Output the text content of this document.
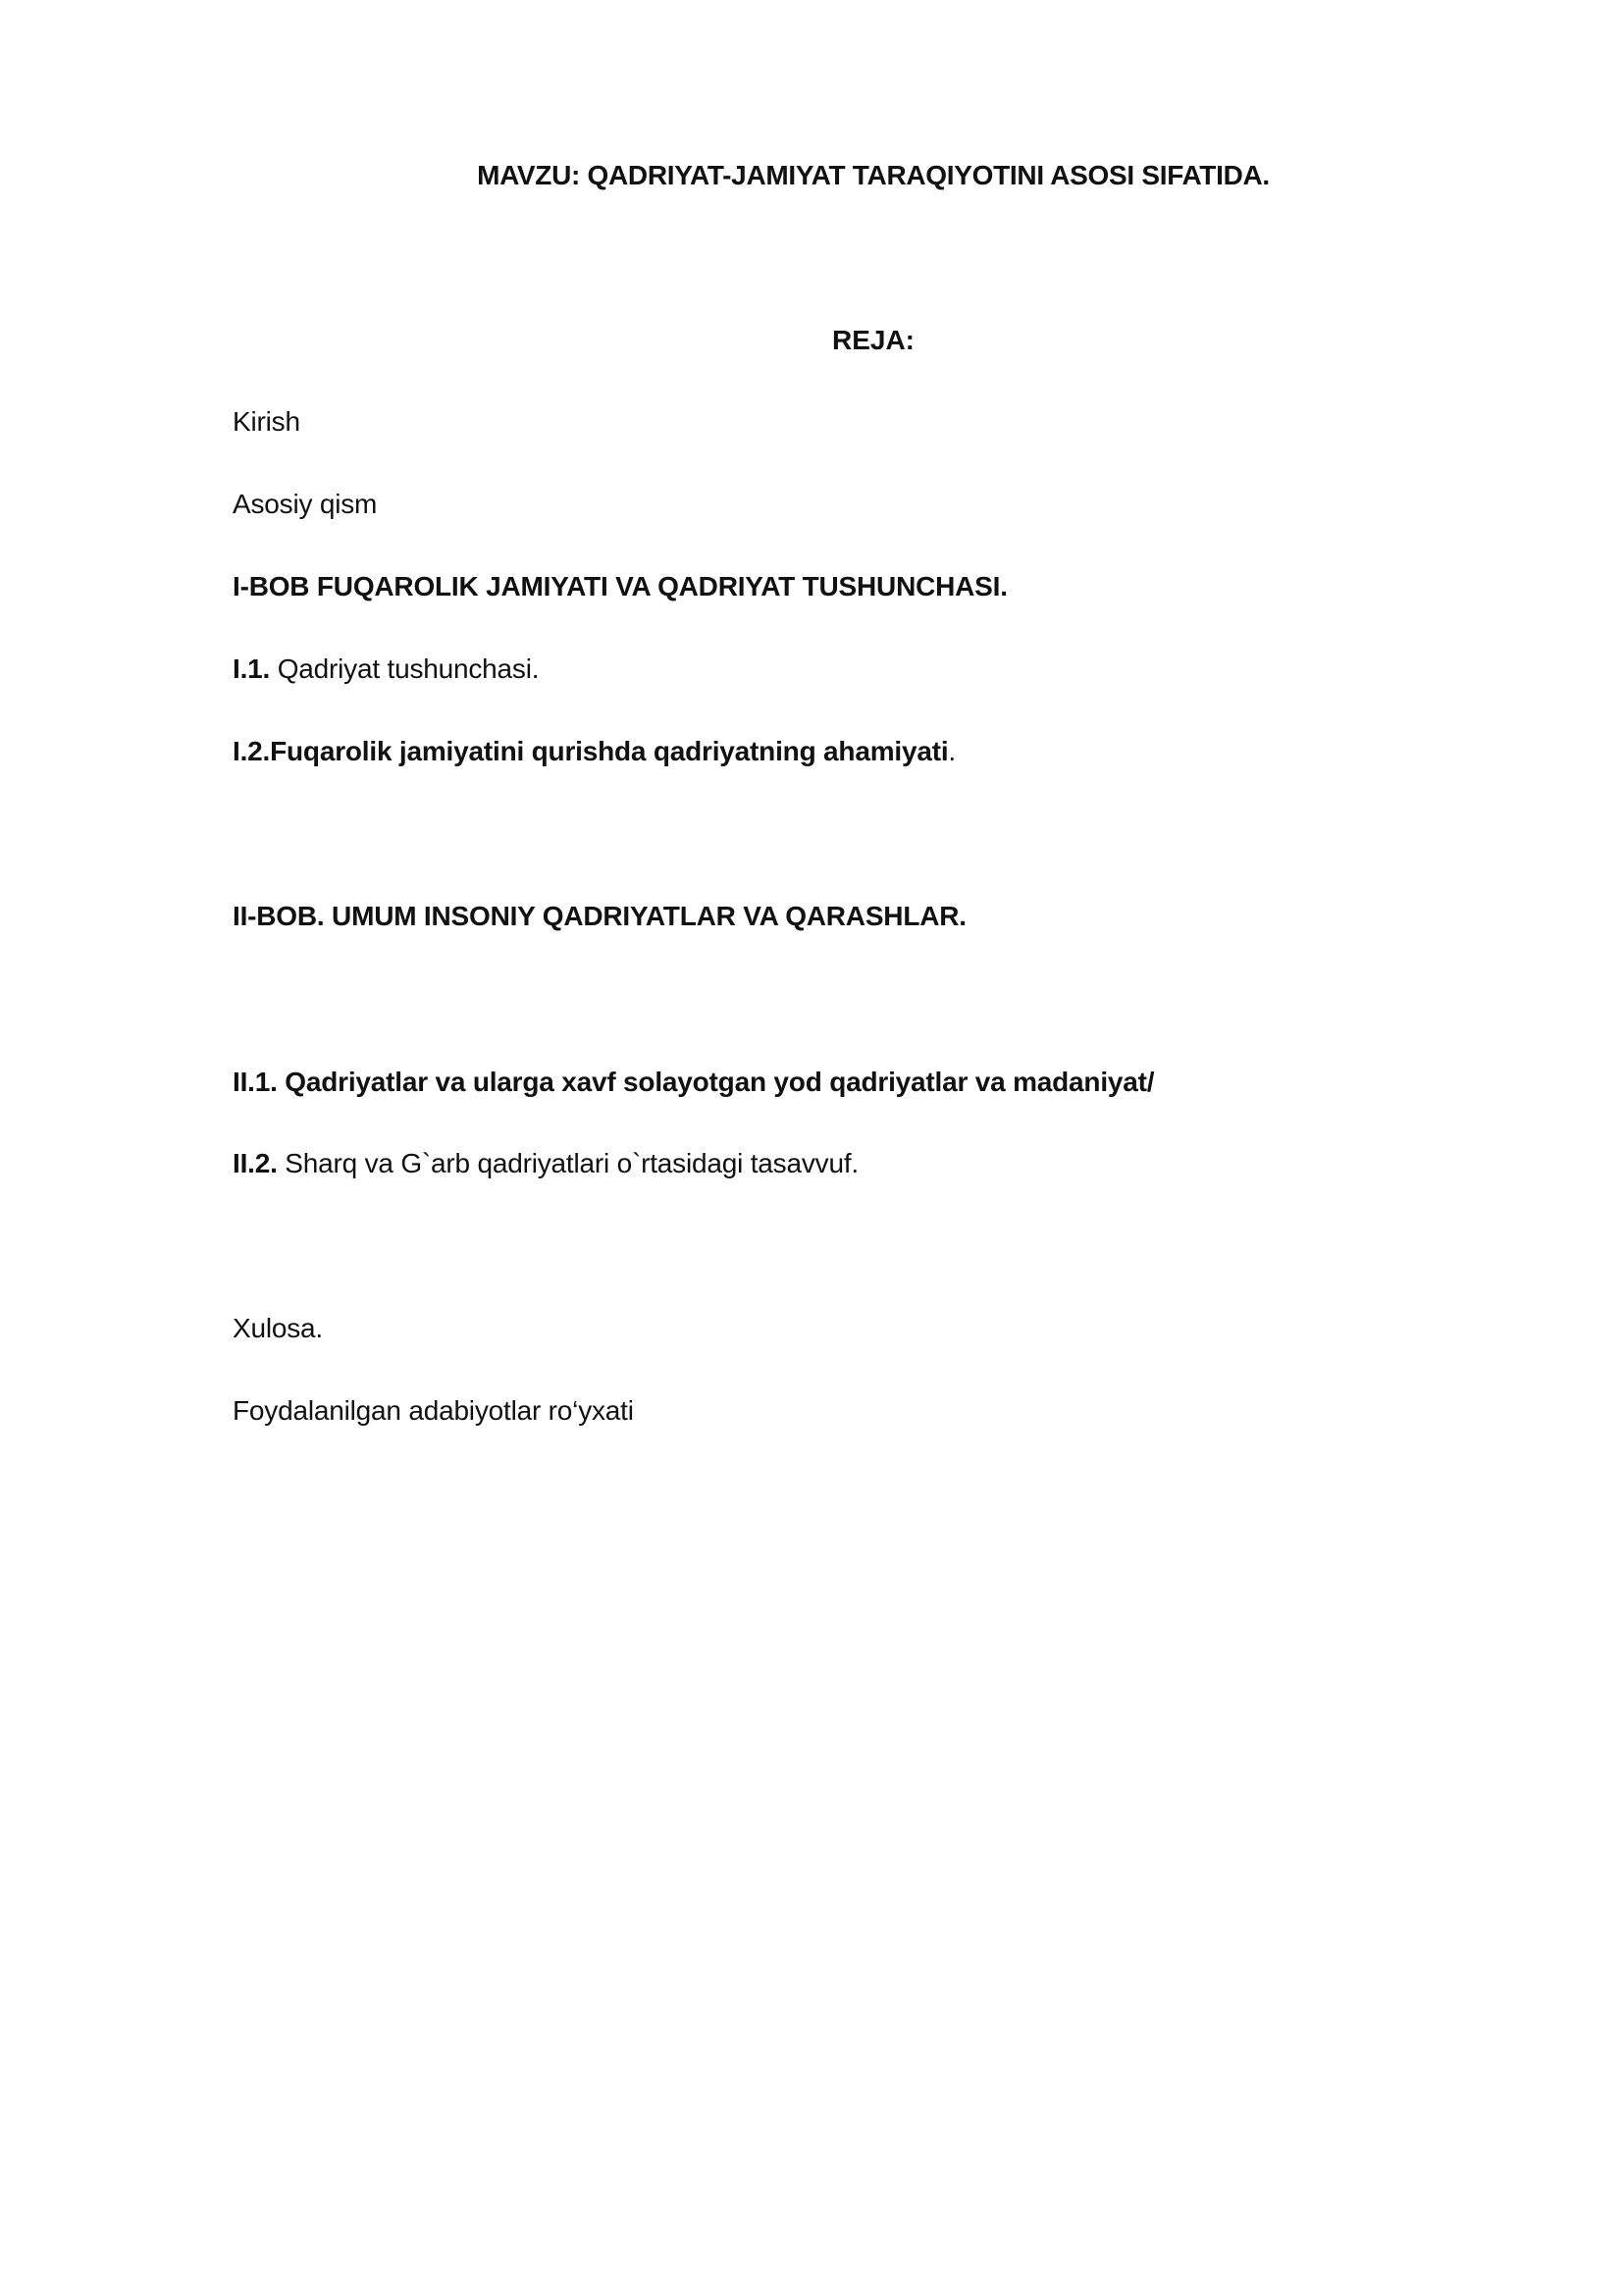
MAVZU: QADRIYAT-JAMIYAT TARAQIYOTINI ASOSI SIFATIDA.
REJA:
Kirish
Asosiy qism
I-BOB FUQAROLIK JAMIYATI VA QADRIYAT TUSHUNCHASI.
I.1. Qadriyat tushunchasi.
I.2.Fuqarolik jamiyatini qurishda qadriyatning ahamiyati.
II-BOB. UMUM INSONIY QADRIYATLAR VA QARASHLAR.
II.1. Qadriyatlar va ularga xavf solayotgan yod qadriyatlar va madaniyat/
II.2. Sharq va G`arb qadriyatlari o`rtasidagi tasavvuf.
Xulosa.
Foydalanilgan adabiyotlar ro‘yxati
